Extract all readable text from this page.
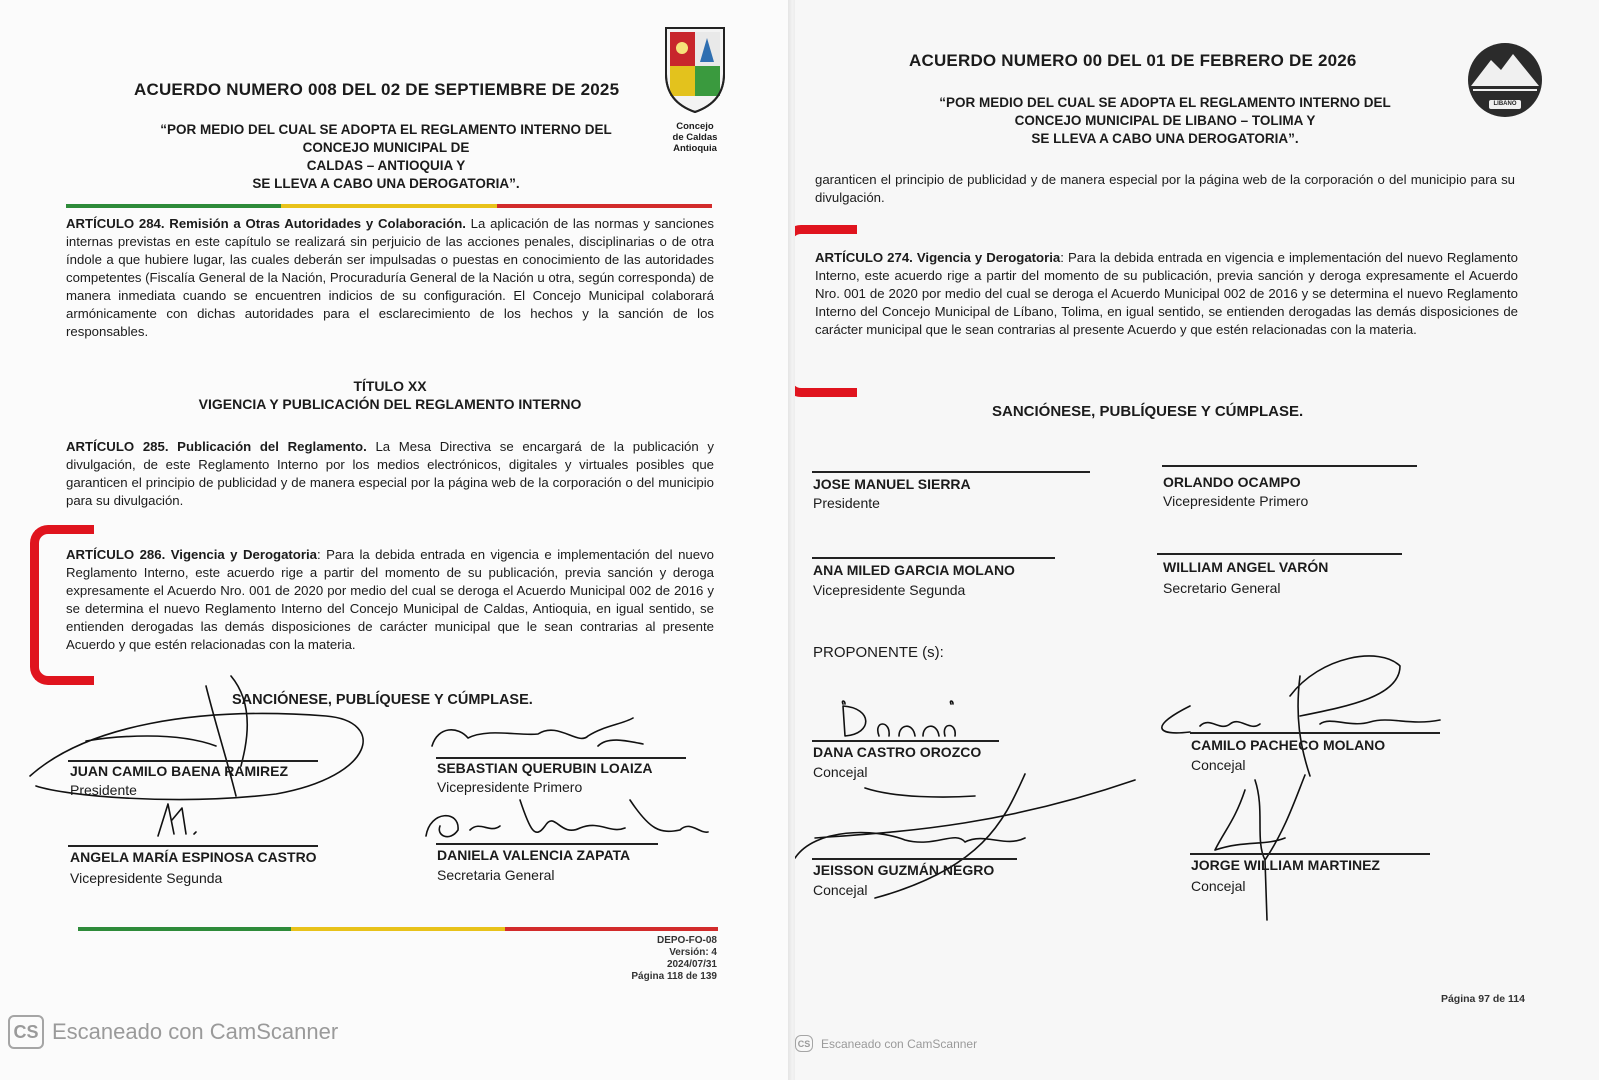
ACUERDO NUMERO 008 DEL 02 DE SEPTIEMBRE DE 2025
“POR MEDIO DEL CUAL SE ADOPTA EL REGLAMENTO INTERNO DEL
CONCEJO MUNICIPAL DE
CALDAS – ANTIOQUIA Y
SE LLEVA A CABO UNA DEROGATORIA”.
Concejo
de Caldas
Antioquia
ARTÍCULO 284. Remisión a Otras Autoridades y Colaboración. La aplicación de las normas y sanciones internas previstas en este capítulo se realizará sin perjuicio de las acciones penales, disciplinarias o de otra índole a que hubiere lugar, las cuales deberán ser impulsadas o puestas en conocimiento de las autoridades competentes (Fiscalía General de la Nación, Procuraduría General de la Nación u otra, según corresponda) de manera inmediata cuando se encuentren indicios de su configuración. El Concejo Municipal colaborará armónicamente con dichas autoridades para el esclarecimiento de los hechos y la sanción de los responsables.
TÍTULO XX
VIGENCIA Y PUBLICACIÓN DEL REGLAMENTO INTERNO
ARTÍCULO 285. Publicación del Reglamento. La Mesa Directiva se encargará de la publicación y divulgación, de este Reglamento Interno por los medios electrónicos, digitales y virtuales posibles que garanticen el principio de publicidad y de manera especial por la página web de la corporación o del municipio para su divulgación.
ARTÍCULO 286. Vigencia y Derogatoria: Para la debida entrada en vigencia e implementación del nuevo Reglamento Interno, este acuerdo rige a partir del momento de su publicación, previa sanción y deroga expresamente el Acuerdo Nro. 001 de 2020 por medio del cual se deroga el Acuerdo Municipal 002 de 2016 y se determina el nuevo Reglamento Interno del Concejo Municipal de Caldas, Antioquia, en igual sentido, se entienden derogadas las demás disposiciones de carácter municipal que le sean contrarias al presente Acuerdo y que estén relacionadas con la materia.
SANCIÓNESE, PUBLÍQUESE Y CÚMPLASE.
JUAN CAMILO BAENA RAMIREZ
Presidente
SEBASTIAN QUERUBIN LOAIZA
Vicepresidente Primero
ANGELA MARÍA ESPINOSA CASTRO
Vicepresidente Segunda
DANIELA VALENCIA ZAPATA
Secretaria General
DEPO-FO-08
Versión: 4
2024/07/31
Página 118 de 139
CS Escaneado con CamScanner
ACUERDO NUMERO 00 DEL 01 DE FEBRERO DE 2026
“POR MEDIO DEL CUAL SE ADOPTA EL REGLAMENTO INTERNO DEL
CONCEJO MUNICIPAL DE LIBANO – TOLIMA Y
SE LLEVA A CABO UNA DEROGATORIA”.
LIBANO
garanticen el principio de publicidad y de manera especial por la página web de la corporación o del municipio para su divulgación.
ARTÍCULO 274. Vigencia y Derogatoria: Para la debida entrada en vigencia e implementación del nuevo Reglamento Interno, este acuerdo rige a partir del momento de su publicación, previa sanción y deroga expresamente el Acuerdo Nro. 001 de 2020 por medio del cual se deroga el Acuerdo Municipal 002 de 2016 y se determina el nuevo Reglamento Interno del Concejo Municipal de Líbano, Tolima, en igual sentido, se entienden derogadas las demás disposiciones de carácter municipal que le sean contrarias al presente Acuerdo y que estén relacionadas con la materia.
SANCIÓNESE, PUBLÍQUESE Y CÚMPLASE.
JOSE MANUEL SIERRA
Presidente
ORLANDO OCAMPO
Vicepresidente Primero
ANA MILED GARCIA MOLANO
Vicepresidente Segunda
WILLIAM ANGEL VARÓN
Secretario General
PROPONENTE (s):
DANA CASTRO OROZCO
Concejal
CAMILO PACHECO MOLANO
Concejal
JEISSON GUZMÁN NEGRO
Concejal
JORGE WILLIAM MARTINEZ
Concejal
Página 97 de 114
CS Escaneado con CamScanner
